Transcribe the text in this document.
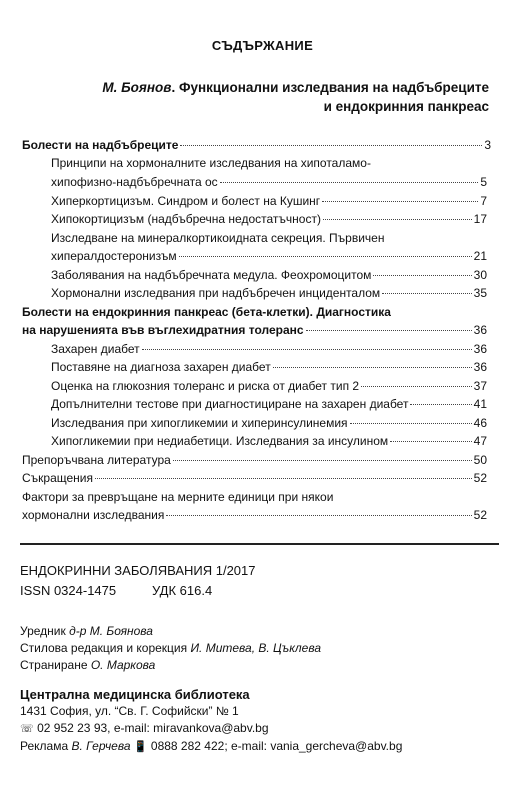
СЪДЪРЖАНИЕ
М. Боянов. Функционални изследвания на надбъбреците
и ендокринния панкреас
Болести на надбъбреците	3
Принципи на хормоналните изследвания на хипоталамо-
хипофизно-надбъбречната ос	5
Хиперкортицизъм. Синдром и болест на Кушинг	7
Хипокортицизъм (надбъбречна недостатъчност)	17
Изследване на минералкортикоидната секреция. Първичен
хипералдостеронизъм	21
Заболявания на надбъбречната медула. Феохромоцитом	30
Хормонални изследвания при надбъбречен инциденталом	35
Болести на ендокринния панкреас (бета-клетки). Диагностика
на нарушенията във въглехидратния толеранс	36
Захарен диабет	36
Поставяне на диагноза захарен диабет	36
Оценка на глюкозния толеранс и риска от диабет тип 2	37
Допълнителни тестове при диагностициране на захарен диабет	41
Изследвания при хипогликемии и хиперинсулинемия	46
Хипогликемии при недиабетици. Изследвания за инсулином	47
Препоръчвана литература	50
Съкращения	52
Фактори за превръщане на мерните единици при някои
хормонални изследвания	52
ЕНДОКРИННИ ЗАБОЛЯВАНИЯ 1/2017
ISSN 0324-1475	УДК 616.4
Уредник д-р М. Боянова
Стилова редакция и корекция И. Митева, В. Цъклева
Страниране О. Маркова
Централна медицинска библиотека
1431 София, ул. “Св. Г. Софийски” № 1
☏ 02 952 23 93, e-mail: miravankova@abv.bg
Реклама В. Герчева 📱 0888 282 422; e-mail: vania_gercheva@abv.bg
